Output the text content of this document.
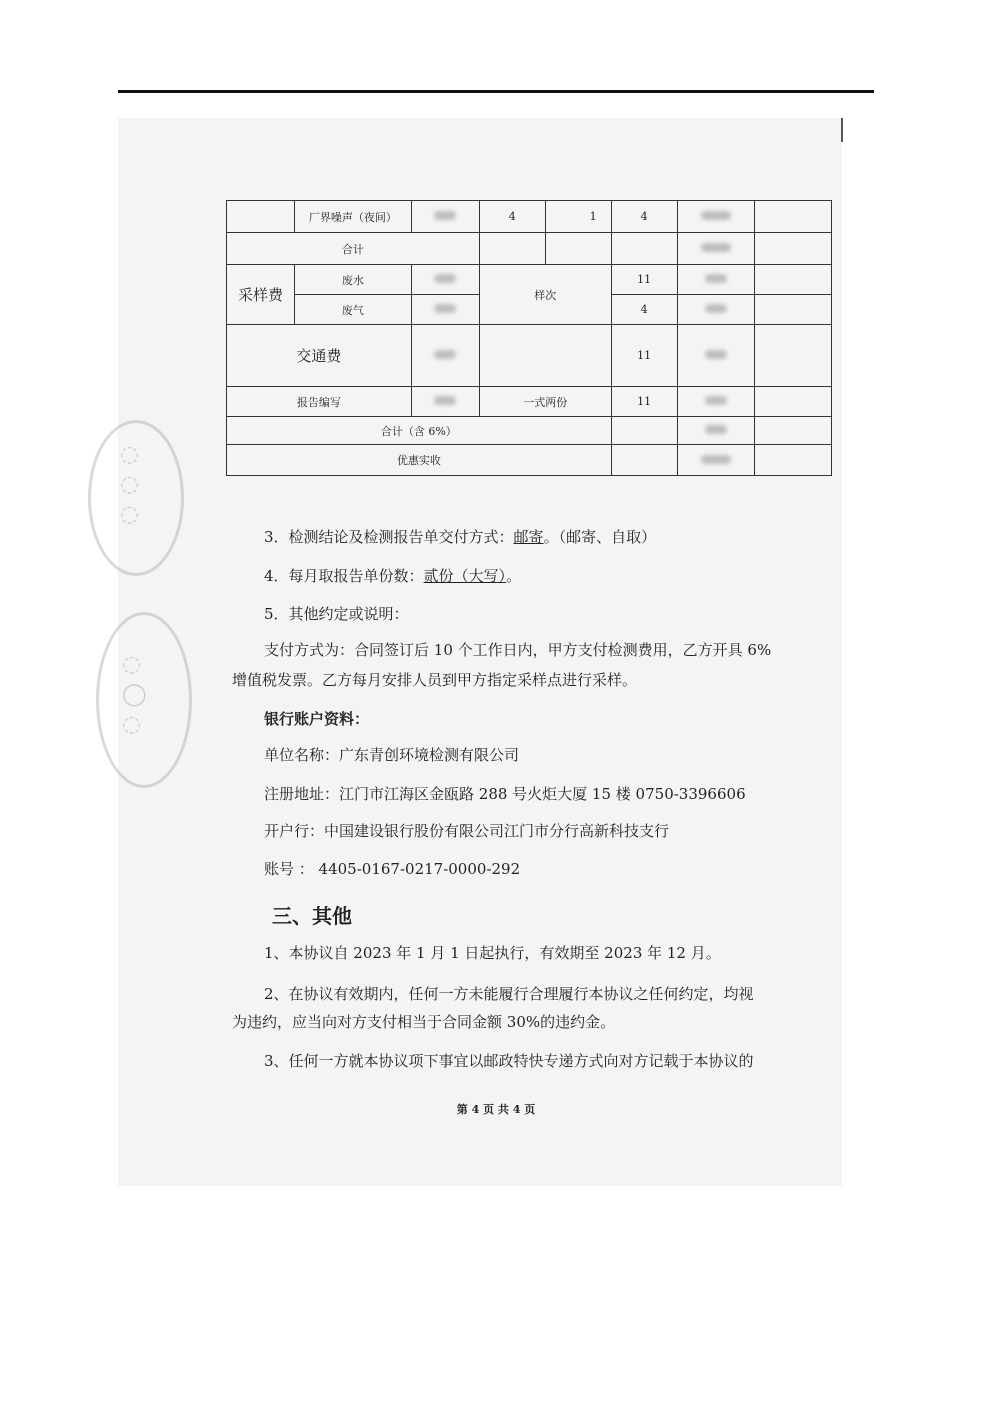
◌
◌
◌
◌
◯
◌
	厂界噪声（夜间）		4	1	4		
合计							
采样费	废水		样次		11		
	废气				4		
交通费					11		
报告编写			一式两份		11		
合计（含 6%）							
优惠实收							
3．检测结论及检测报告单交付方式：邮寄。（邮寄、自取）
4．每月取报告单份数：贰份（大写）。
5．其他约定或说明：
支付方式为：合同签订后 10 个工作日内，甲方支付检测费用，乙方开具 6%
增值税发票。乙方每月安排人员到甲方指定采样点进行采样。
银行账户资料：
单位名称：广东青创环境检测有限公司
注册地址：江门市江海区金瓯路 288 号火炬大厦 15 楼 0750-3396606
开户行：中国建设银行股份有限公司江门市分行高新科技支行
账号 ： 4405-0167-0217-0000-292
三、其他
1、本协议自 2023 年 1 月 1 日起执行，有效期至 2023 年 12 月。
2、在协议有效期内，任何一方未能履行合理履行本协议之任何约定，均视
为违约，应当向对方支付相当于合同金额 30%的违约金。
3、任何一方就本协议项下事宜以邮政特快专递方式向对方记载于本协议的
第 4 页 共 4 页
